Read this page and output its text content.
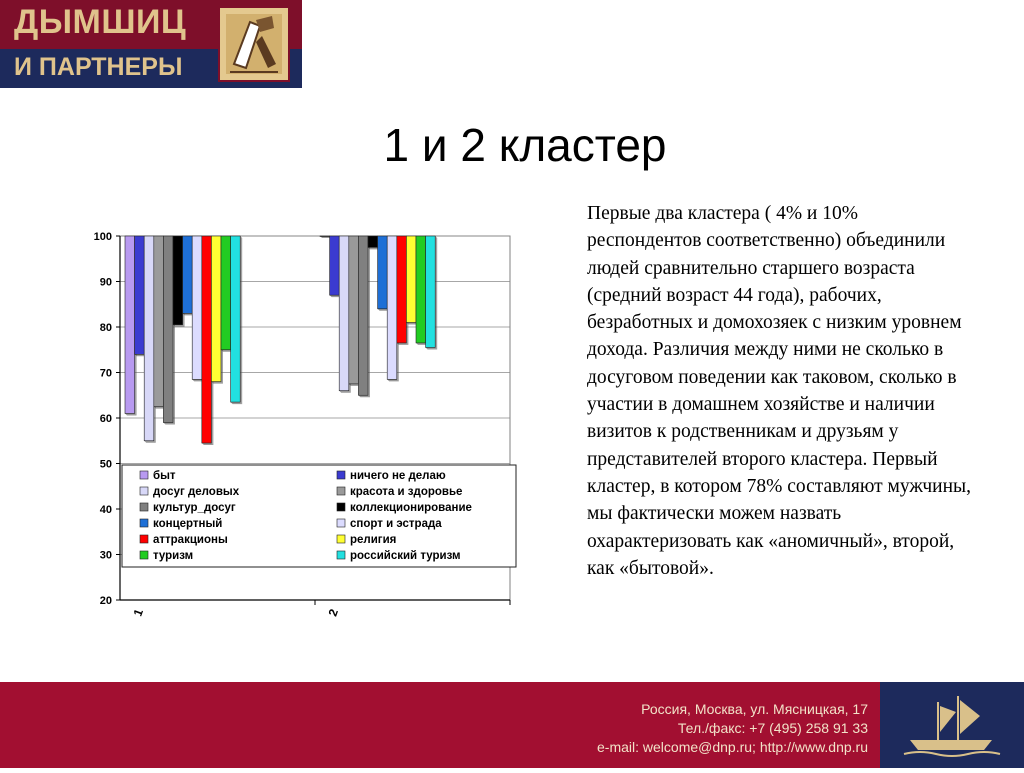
ДЫМШИЦ
И ПАРТНЕРЫ
1 и 2 кластер
20
30
40
50
60
70
80
90
100
1	2
быт	ничего не делаю
досуг деловых	красота и здоровье
культур_досуг	коллекционирование
концертный	спорт и эстрада
аттракционы	религия
туризм	российский туризм
Первые два кластера ( 4% и 10% респондентов соответственно) объединили людей сравнительно старшего возраста (средний возраст 44 года), рабочих, безработных и домохозяек с низким уровнем дохода. Различия между ними не сколько в досуговом поведении как таковом, сколько в участии в домашнем хозяйстве и наличии визитов к родственникам и друзьям у представителей второго кластера. Первый кластер, в котором 78% составляют мужчины, мы фактически можем назвать охарактеризовать как «аномичный», второй, как «бытовой».
Россия, Москва, ул. Мясницкая, 17
Тел./факс: +7 (495) 258 91 33
e-mail: welcome@dnp.ru; http://www.dnp.ru
